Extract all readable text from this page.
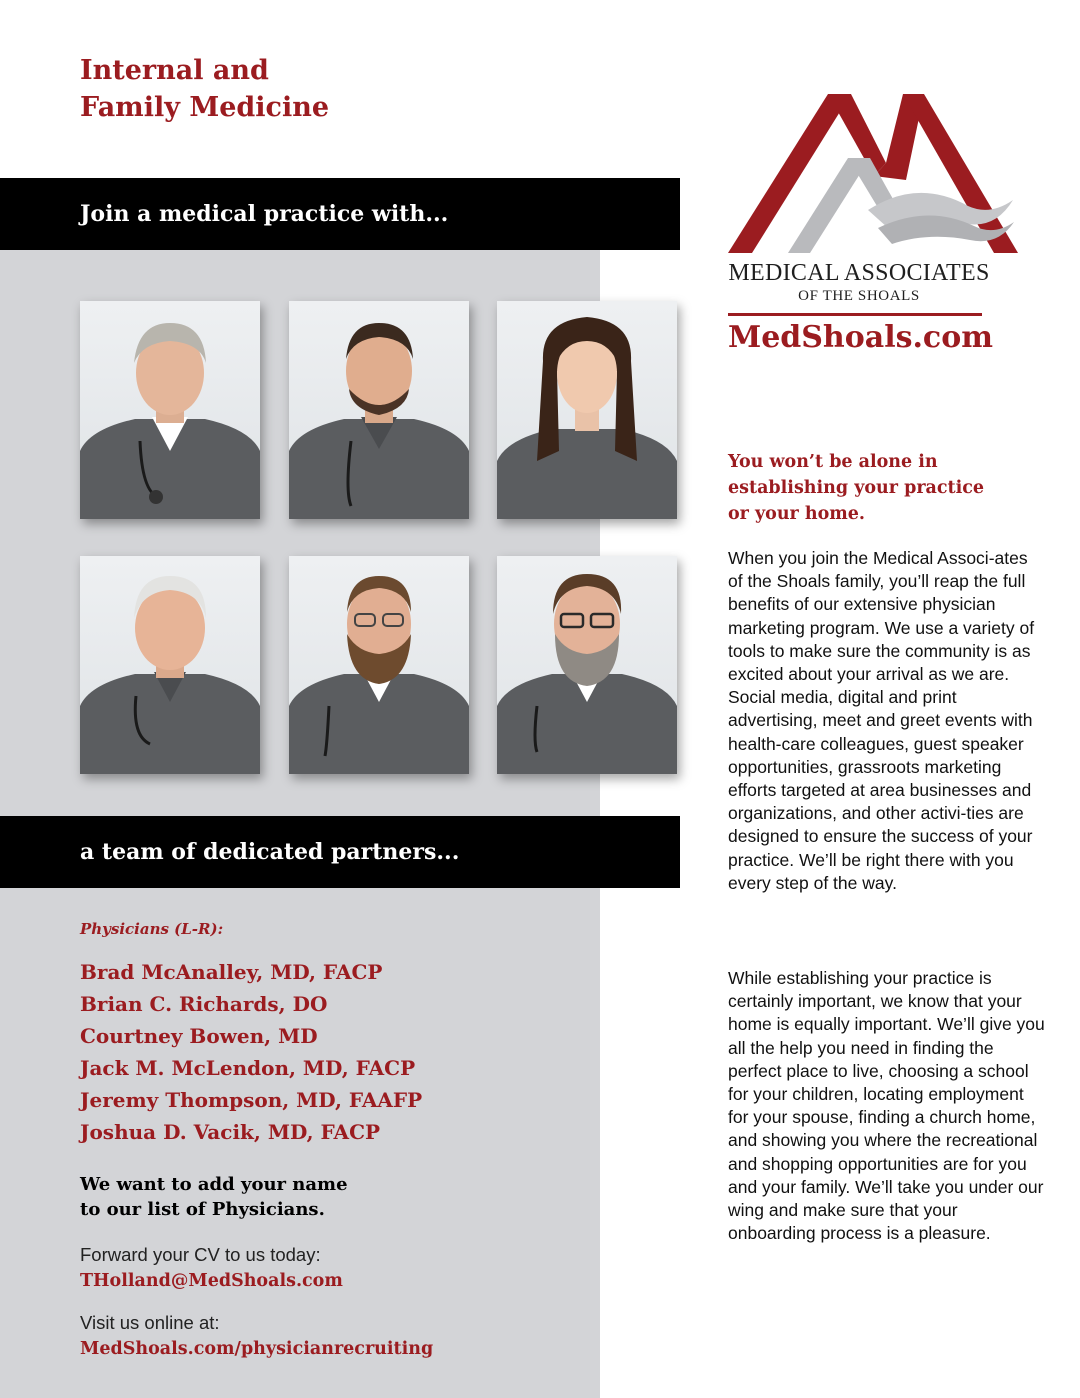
Internal and
Family Medicine
Join a medical practice with...
a team of dedicated partners...
MEDICAL ASSOCIATES
OF THE SHOALS

MedShoals.com

You won’t be alone in
establishing your practice
or your home.

When you join the Medical Associ-ates of the Shoals family, you’ll reap the full benefits of our extensive physician marketing program. We use a variety of tools to make sure the community is as excited about your arrival as we are. Social media, digital and print advertising, meet and greet events with health-care colleagues, guest speaker opportunities, grassroots marketing efforts targeted at area businesses and organizations, and other activi-ties are designed to ensure the success of your practice. We’ll be right there with you every step of the way.

While establishing your practice is certainly important, we know that your home is equally important. We’ll give you all the help you need in finding the perfect place to live, choosing a school for your children, locating employment for your spouse, finding a church home, and showing you where the recreational and shopping opportunities are for you and your family. We’ll take you under our wing and make sure that your onboarding process is a pleasure.

Physicians (L-R):

Brad McAnalley, MD, FACP
Brian C. Richards, DO
Courtney Bowen, MD
Jack M. McLendon, MD, FACP
Jeremy Thompson, MD, FAAFP
Joshua D. Vacik, MD, FACP

We want to add your name
to our list of Physicians.

Forward your CV to us today:

THolland@MedShoals.com

Visit us online at:

MedShoals.com/physicianrecruiting
